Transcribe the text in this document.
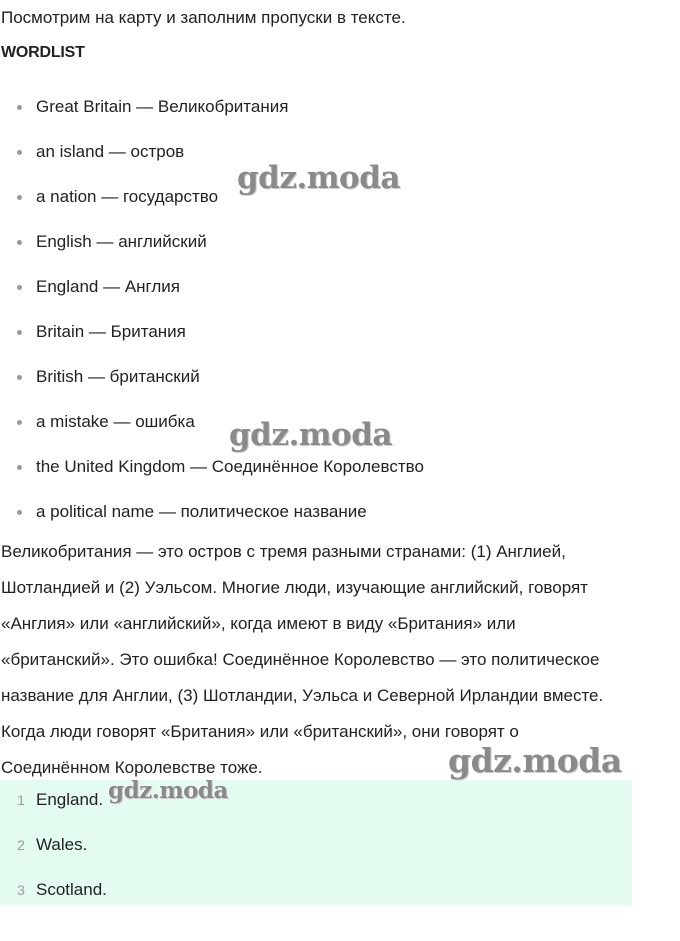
Посмотрим на карту и заполним пропуски в тексте.

WORDLIST

Great Britain — Великобритания
an island — остров
a nation — государство
English — английский
England — Англия
Britain — Британия
British — британский
a mistake — ошибка
the United Kingdom — Соединённое Королевство
a political name — политическое название

Великобритания — это остров с тремя разными странами: (1) Англией,
Шотландией и (2) Уэльсом. Многие люди, изучающие английский, говорят
«Англия» или «английский», когда имеют в виду «Британия» или
«британский». Это ошибка! Соединённое Королевство — это политическое
название для Англии, (3) Шотландии, Уэльса и Северной Ирландии вместе.
Когда люди говорят «Британия» или «британский», они говорят о
Соединённом Королевстве тоже.

1 England.
2 Wales.
3 Scotland.
gdz.moda
gdz.moda
gdz.moda
gdz.moda
